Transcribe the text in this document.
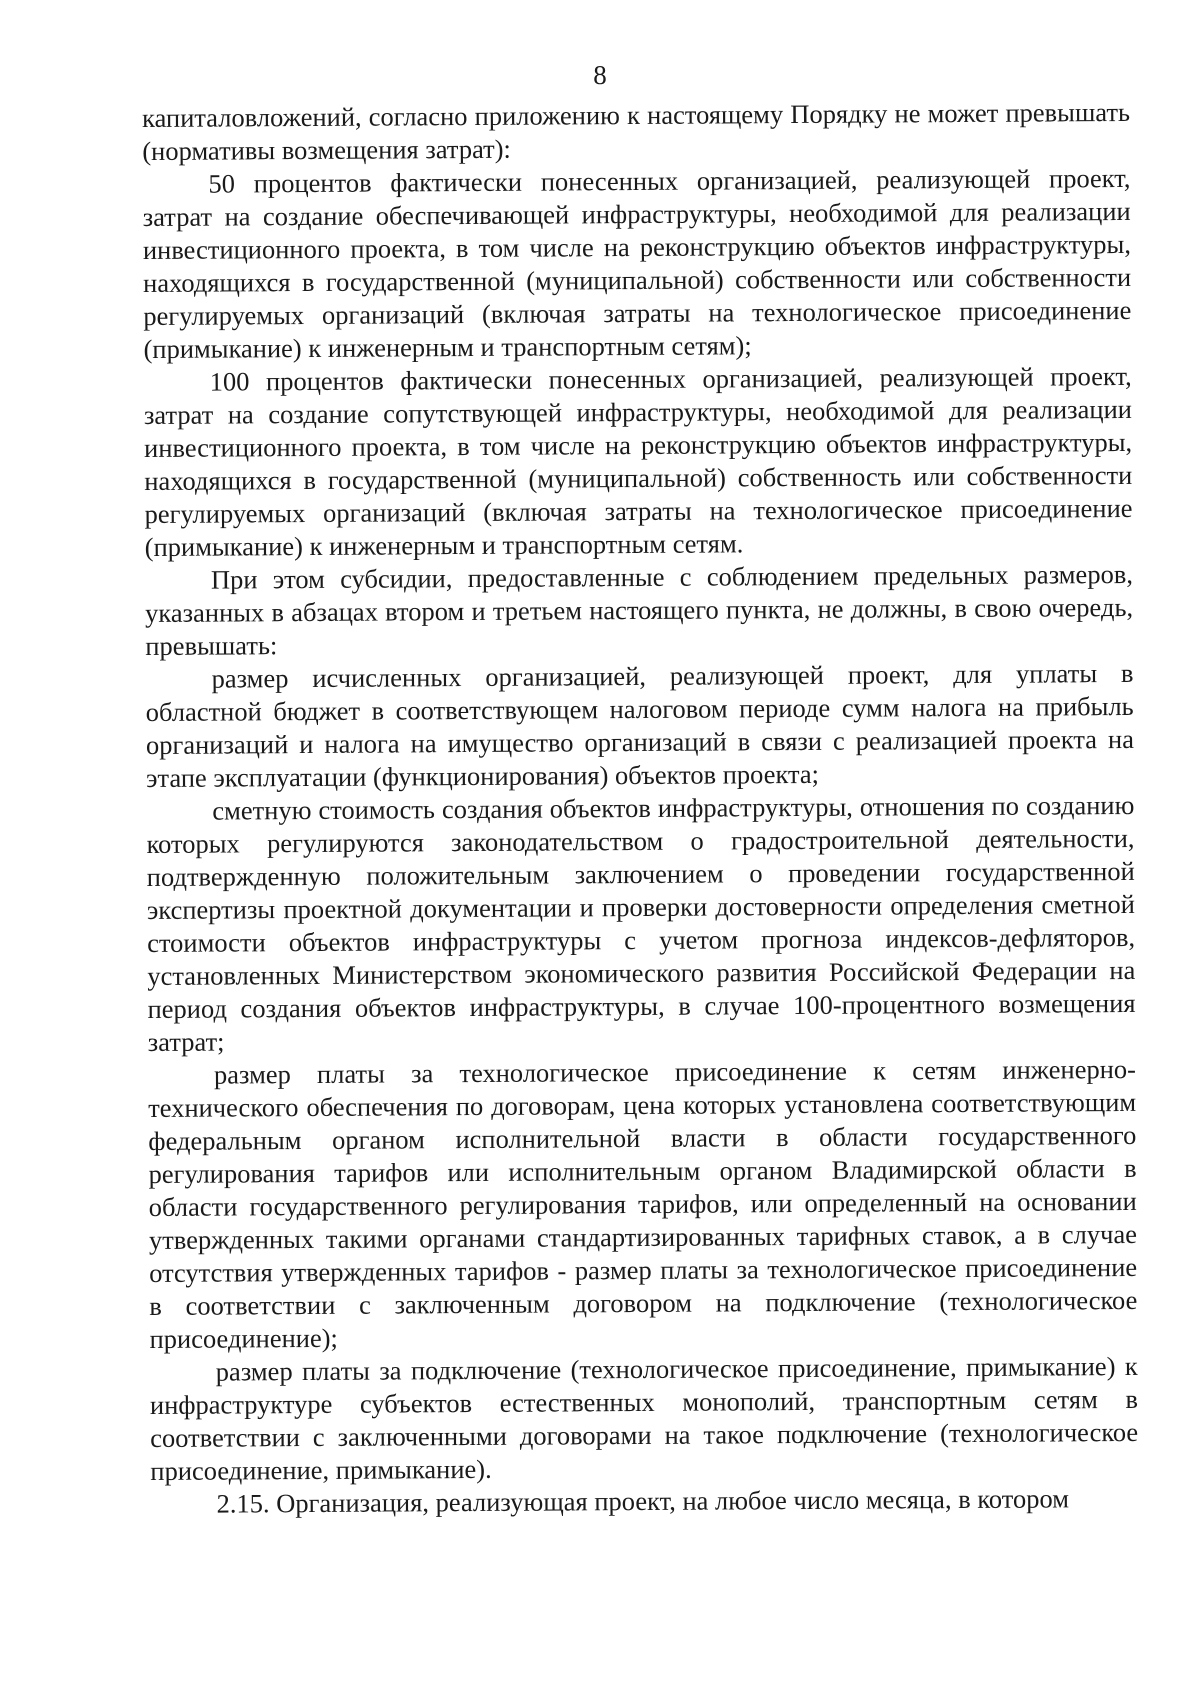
8

капиталовложений, согласно приложению к настоящему Порядку не может превышать (нормативы возмещения затрат):

50 процентов фактически понесенных организацией, реализующей проект, затрат на создание обеспечивающей инфраструктуры, необходимой для реализации инвестиционного проекта, в том числе на реконструкцию объектов инфраструктуры, находящихся в государственной (муниципальной) собственности или собственности регулируемых организаций (включая затраты на технологическое присоединение (примыкание) к инженерным и транспортным сетям);

100 процентов фактически понесенных организацией, реализующей проект, затрат на создание сопутствующей инфраструктуры, необходимой для реализации инвестиционного проекта, в том числе на реконструкцию объектов инфраструктуры, находящихся в государственной (муниципальной) собственность или собственности регулируемых организаций (включая затраты на технологическое присоединение (примыкание) к инженерным и транспортным сетям.

При этом субсидии, предоставленные с соблюдением предельных размеров, указанных в абзацах втором и третьем настоящего пункта, не должны, в свою очередь, превышать:

размер исчисленных организацией, реализующей проект, для уплаты в областной бюджет в соответствующем налоговом периоде сумм налога на прибыль организаций и налога на имущество организаций в связи с реализацией проекта на этапе эксплуатации (функционирования) объектов проекта;

сметную стоимость создания объектов инфраструктуры, отношения по созданию которых регулируются законодательством о градостроительной деятельности, подтвержденную положительным заключением о проведении государственной экспертизы проектной документации и проверки достоверности определения сметной стоимости объектов инфраструктуры с учетом прогноза индексов-дефляторов, установленных Министерством экономического развития Российской Федерации на период создания объектов инфраструктуры, в случае 100-процентного возмещения затрат;

размер платы за технологическое присоединение к сетям инженерно-технического обеспечения по договорам, цена которых установлена соответствующим федеральным органом исполнительной власти в области государственного регулирования тарифов или исполнительным органом Владимирской области в области государственного регулирования тарифов, или определенный на основании утвержденных такими органами стандартизированных тарифных ставок, а в случае отсутствия утвержденных тарифов - размер платы за технологическое присоединение в соответствии с заключенным договором на подключение (технологическое присоединение);

размер платы за подключение (технологическое присоединение, примыкание) к инфраструктуре субъектов естественных монополий, транспортным сетям в соответствии с заключенными договорами на такое подключение (технологическое присоединение, примыкание).

2.15. Организация, реализующая проект, на любое число месяца, в котором
